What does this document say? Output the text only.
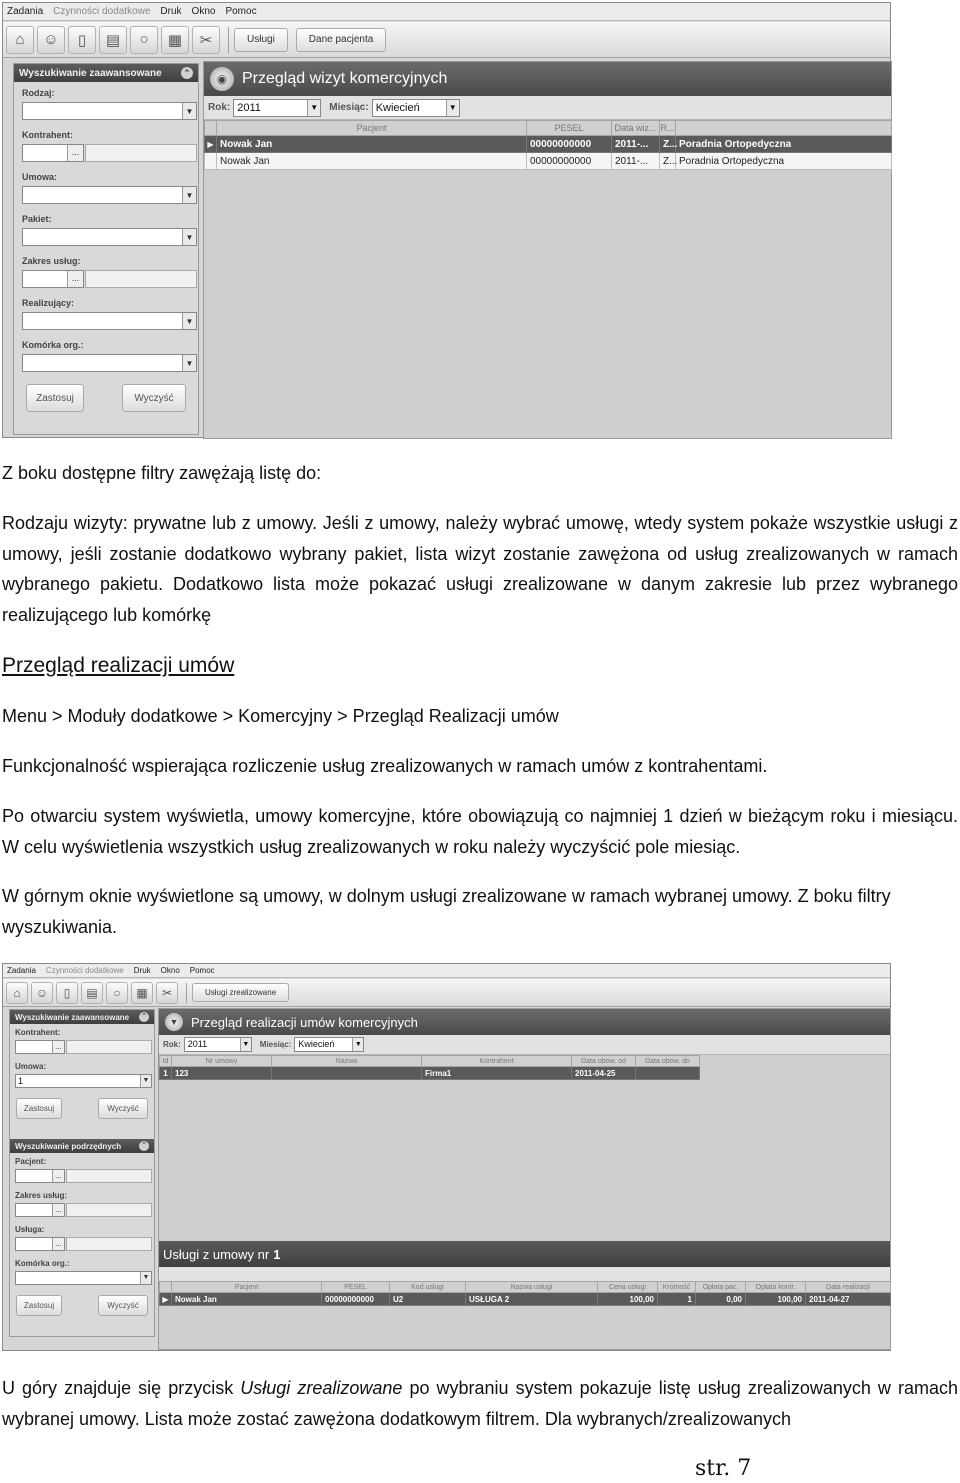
Zadania Czynności dodatkowe Druk Okno Pomoc
⌂	☺	▯	▤	○	▦	✂	Usługi	Dane pacjenta
Wyszukiwanie zaawansowane ⌃
Rodzaj:
▼
Kontrahent:
...
Umowa:
▼
Pakiet:
▼
Zakres usług:
...
Realizujący:
▼
Komórka org.:
▼
Zastosuj	Wyczyść
◉ Przegląd wizyt komercyjnych
Rok: 2011	▼ Miesiąc: Kwiecień	▼
	Pacjent	PESEL	Data wiz...	R...	
▶	Nowak Jan	00000000000	2011-...	Z...	Poradnia Ortopedyczna
	Nowak Jan	00000000000	2011-...	Z...	Poradnia Ortopedyczna
Z boku dostępne filtry zawężają listę do:
Rodzaju wizyty: prywatne lub z umowy. Jeśli z umowy, należy wybrać umowę, wtedy system pokaże wszystkie usługi z umowy, jeśli zostanie dodatkowo wybrany pakiet, lista wizyt zostanie zawężona od usług zrealizowanych w ramach wybranego pakietu. Dodatkowo lista może pokazać usługi zrealizowane w danym zakresie lub przez wybranego realizującego lub komórkę
Przegląd realizacji umów
Menu > Moduły dodatkowe > Komercyjny > Przegląd Realizacji umów
Funkcjonalność wspierająca rozliczenie usług zrealizowanych w ramach umów z kontrahentami.
Po otwarciu system wyświetla, umowy komercyjne, które obowiązują co najmniej 1 dzień w bieżącym roku i miesiącu. W celu wyświetlenia wszystkich usług zrealizowanych w roku należy wyczyścić pole miesiąc.
W górnym oknie wyświetlone są umowy, w dolnym usługi zrealizowane w ramach wybranej umowy. Z boku filtry wyszukiwania.
Zadania Czynności dodatkowe Druk Okno Pomoc
⌂	☺	▯	▤	○	▦	✂	Usługi zrealizowane
Wyszukiwanie zaawansowane ⌃
Kontrahent:
...
Umowa:
1	▼
Zastosuj	Wyczyść
Wyszukiwanie podrzędnych	⌃
Pacjent:
...
Zakres usług:
...
Usługa:
...
Komórka org.:
▼
Zastosuj	Wyczyść
▼ Przegląd realizacji umów komercyjnych
Rok: 2011	▼ Miesiąc: Kwiecień	▼
Id	Nr umowy	Nazwa	Kontrahent	Data obow. od	Data obow. do
1	123		Firma1	2011-04-25	
Usługi z umowy nr 1
	Pacjent	PESEL	Kod usługi	Nazwa usługi	Cena usługi	Krotność	Opłata pac.	Opłata kontr.	Data realizacji
▶	Nowak Jan	00000000000	U2	USŁUGA 2	100,00	1	0,00	100,00	2011-04-27
U góry znajduje się przycisk Usługi zrealizowane po wybraniu system pokazuje listę usług zrealizowanych w ramach wybranej umowy. Lista może zostać zawężona dodatkowym filtrem. Dla wybranych/zrealizowanych
str. 7
